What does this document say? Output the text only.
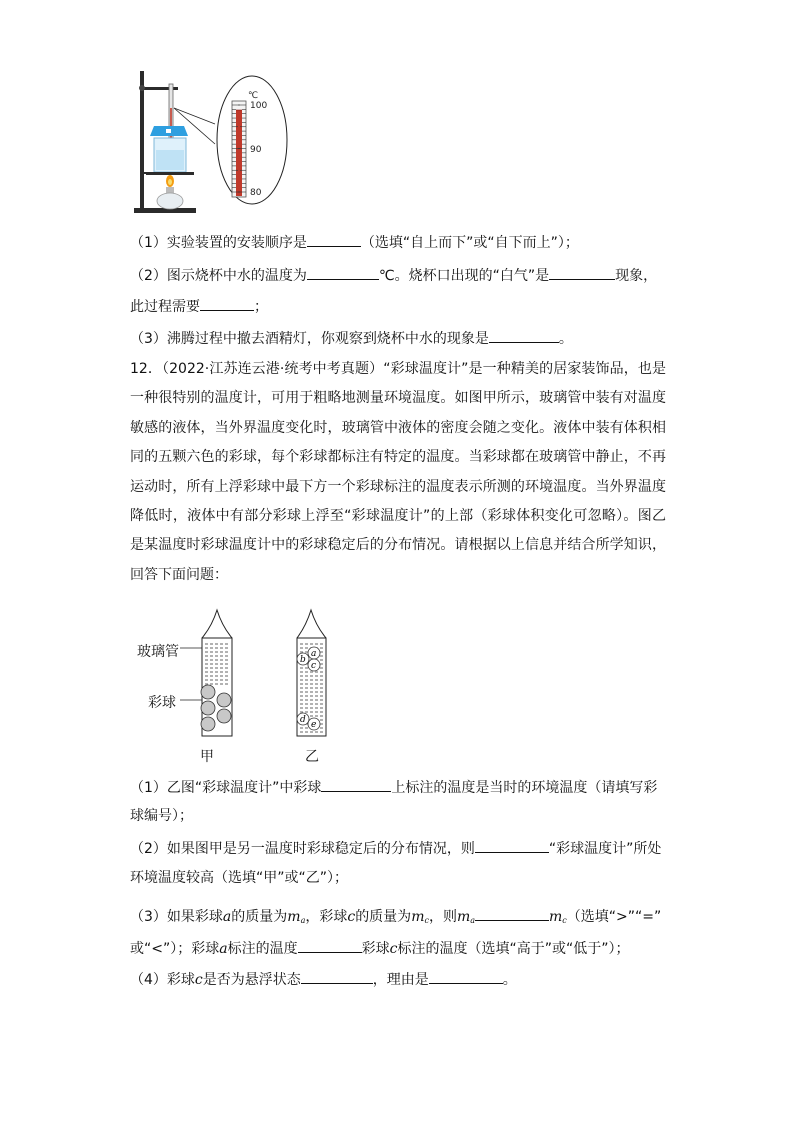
℃
100
90
80
（1）实验装置的安装顺序是	（选填“自上而下”或“自下而上”）；
（2）图示烧杯中水的温度为	℃。烧杯口出现的“白气”是	现象，
此过程需要	；
（3）沸腾过程中撤去酒精灯，你观察到烧杯中水的现象是	。
12．（2022·江苏连云港·统考中考真题）“彩球温度计”是一种精美的居家装饰品，也是一种很特别的温度计，可用于粗略地测量环境温度。如图甲所示，玻璃管中装有对温度敏感的液体，当外界温度变化时，玻璃管中液体的密度会随之变化。液体中装有体积相同的五颗六色的彩球，每个彩球都标注有特定的温度。当彩球都在玻璃管中静止，不再运动时，所有上浮彩球中最下方一个彩球标注的温度表示所测的环境温度。当外界温度降低时，液体中有部分彩球上浮至“彩球温度计”的上部（彩球体积变化可忽略）。图乙是某温度时彩球温度计中的彩球稳定后的分布情况。请根据以上信息并结合所学知识，回答下面问题：
玻璃管
彩球
b
a
c
d e
甲	乙
（1）乙图“彩球温度计”中彩球	上标注的温度是当时的环境温度（请填写彩
球编号）；
（2）如果图甲是另一温度时彩球稳定后的分布情况，则	“彩球温度计”所处
环境温度较高（选填“甲”或“乙”）；
（3）如果彩球a的质量为$m_a$，彩球c的质量为$m_c$，则$m_a$	$m_c$（选填“>”“=”
或“<”）；彩球a标注的温度	彩球c标注的温度（选填“高于”或“低于”）；
（4）彩球c是否为悬浮状态	，理由是	。
